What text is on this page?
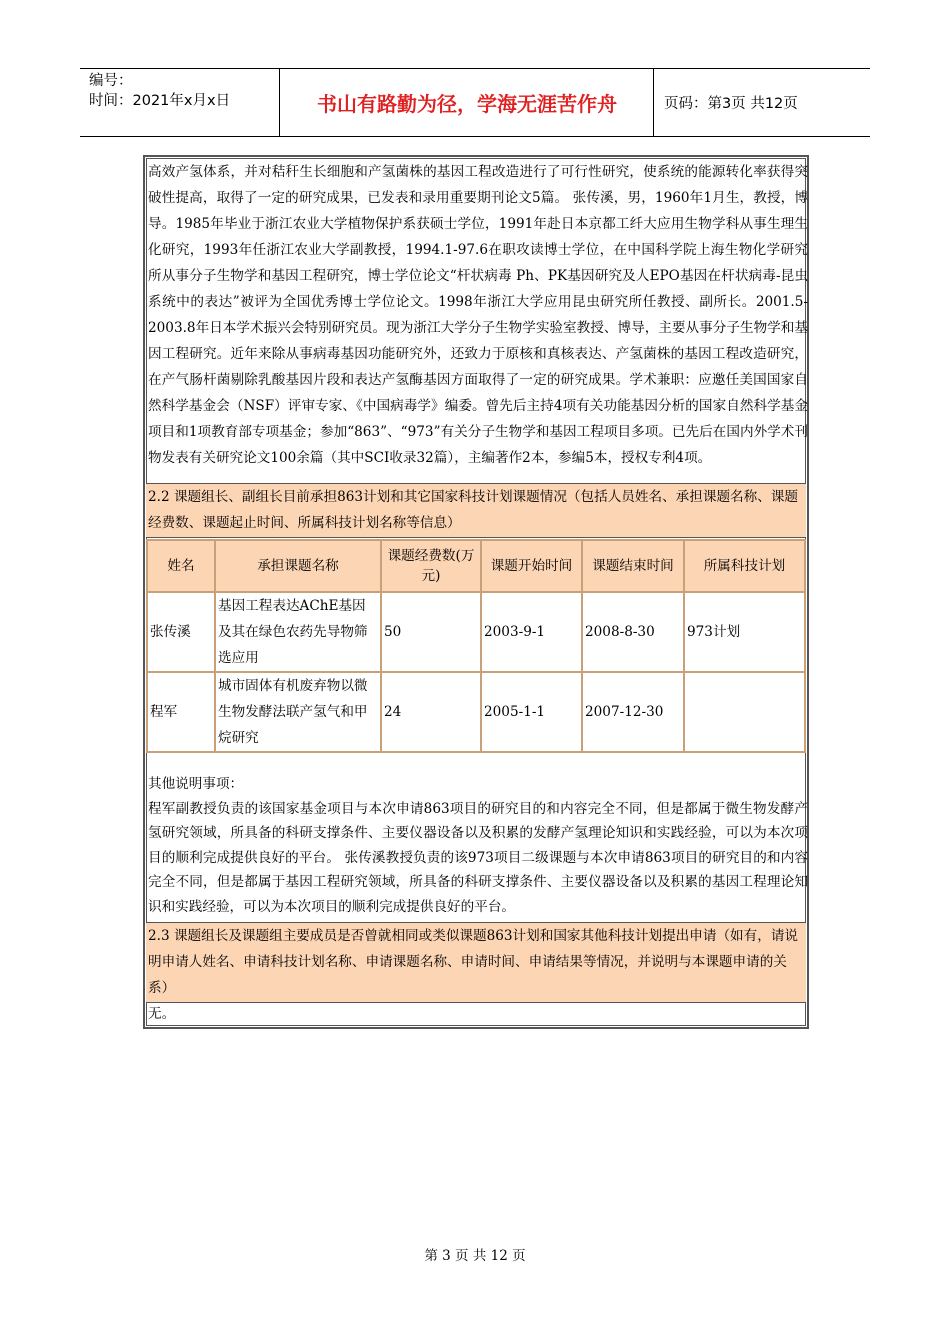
编号：
时间：2021年x月x日	书山有路勤为径，学海无涯苦作舟	页码：第3页 共12页
高效产氢体系，并对秸秆生长细胞和产氢菌株的基因工程改造进行了可行性研究，使系统的能源转化率获得突破性提高，取得了一定的研究成果，已发表和录用重要期刊论文5篇。 张传溪，男，1960年1月生，教授，博导。1985年毕业于浙江农业大学植物保护系获硕士学位，1991年赴日本京都工纤大应用生物学科从事生理生化研究，1993年任浙江农业大学副教授，1994.1-97.6在职攻读博士学位，在中国科学院上海生物化学研究所从事分子生物学和基因工程研究，博士学位论文“杆状病毒 Ph、PK基因研究及人EPO基因在杆状病毒-昆虫系统中的表达”被评为全国优秀博士学位论文。1998年浙江大学应用昆虫研究所任教授、副所长。2001.5-2003.8年日本学术振兴会特别研究员。现为浙江大学分子生物学实验室教授、博导，主要从事分子生物学和基因工程研究。近年来除从事病毒基因功能研究外，还致力于原核和真核表达、产氢菌株的基因工程改造研究，在产气肠杆菌剔除乳酸基因片段和表达产氢酶基因方面取得了一定的研究成果。学术兼职：应邀任美国国家自然科学基金会（NSF）评审专家、《中国病毒学》编委。曾先后主持4项有关功能基因分析的国家自然科学基金项目和1项教育部专项基金；参加“863”、“973”有关分子生物学和基因工程项目多项。已先后在国内外学术刊物发表有关研究论文100余篇（其中SCI收录32篇），主编著作2本，参编5本，授权专利4项。
2.2 课题组长、副组长目前承担863计划和其它国家科技计划课题情况（包括人员姓名、承担课题名称、课题经费数、课题起止时间、所属科技计划名称等信息）
姓名	承担课题名称	课题经费数(万元)	课题开始时间	课题结束时间	所属科技计划
张传溪	基因工程表达AChE基因及其在绿色农药先导物筛选应用	50	2003-9-1	2008-8-30	973计划
程军	城市固体有机废弃物以微生物发酵法联产氢气和甲烷研究	24	2005-1-1	2007-12-30	
其他说明事项：
程军副教授负责的该国家基金项目与本次申请863项目的研究目的和内容完全不同，但是都属于微生物发酵产氢研究领域，所具备的科研支撑条件、主要仪器设备以及积累的发酵产氢理论知识和实践经验，可以为本次项目的顺利完成提供良好的平台。 张传溪教授负责的该973项目二级课题与本次申请863项目的研究目的和内容完全不同，但是都属于基因工程研究领域，所具备的科研支撑条件、主要仪器设备以及积累的基因工程理论知识和实践经验，可以为本次项目的顺利完成提供良好的平台。
2.3 课题组长及课题组主要成员是否曾就相同或类似课题863计划和国家其他科技计划提出申请（如有，请说明申请人姓名、申请科技计划名称、申请课题名称、申请时间、申请结果等情况，并说明与本课题申请的关系）
无。
第 3 页 共 12 页
